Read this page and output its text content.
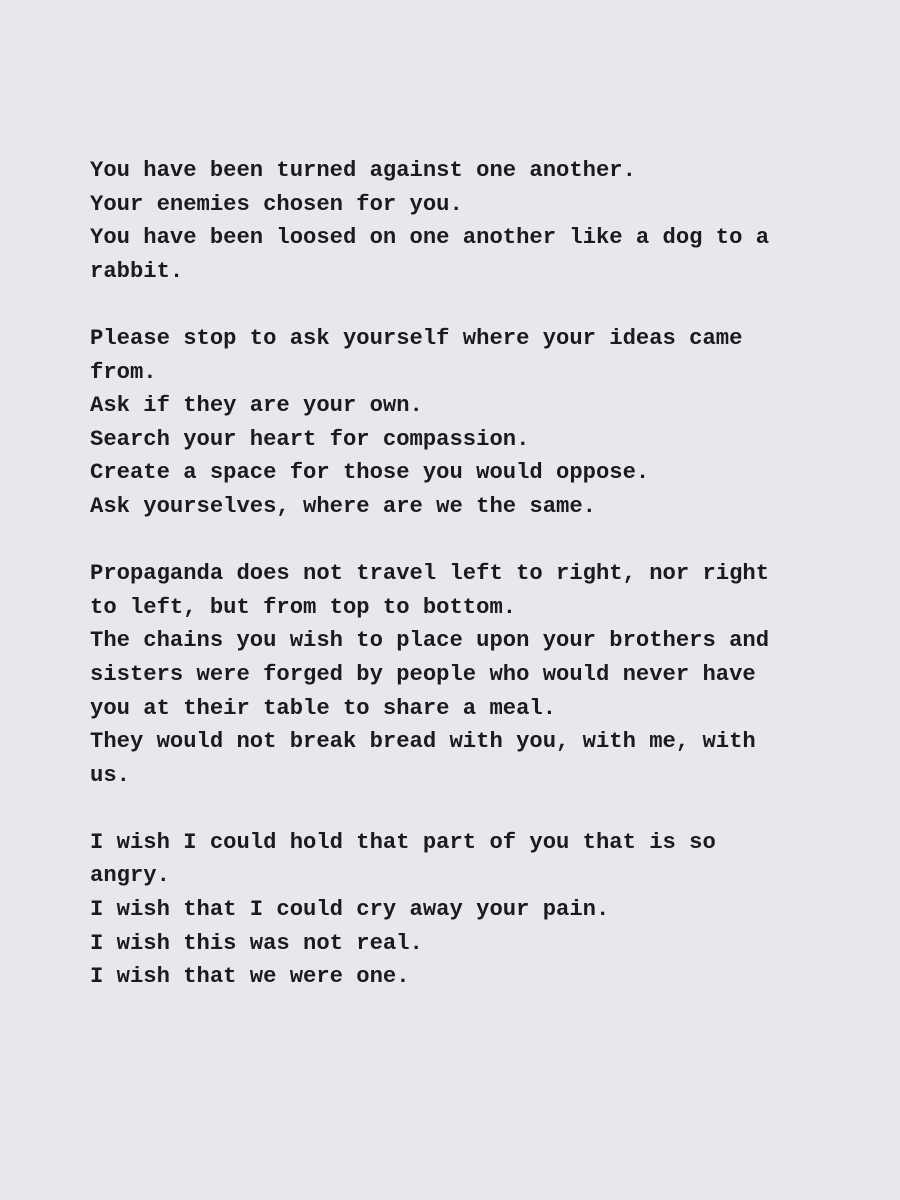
You have been turned against one another.
Your enemies chosen for you.
You have been loosed on one another like a dog to a
rabbit.
Please stop to ask yourself where your ideas came
from.
Ask if they are your own.
Search your heart for compassion.
Create a space for those you would oppose.
Ask yourselves, where are we the same.
Propaganda does not travel left to right, nor right
to left, but from top to bottom.
The chains you wish to place upon your brothers and
sisters were forged by people who would never have
you at their table to share a meal.
They would not break bread with you, with me, with
us.
I wish I could hold that part of you that is so
angry.
I wish that I could cry away your pain.
I wish this was not real.
I wish that we were one.
